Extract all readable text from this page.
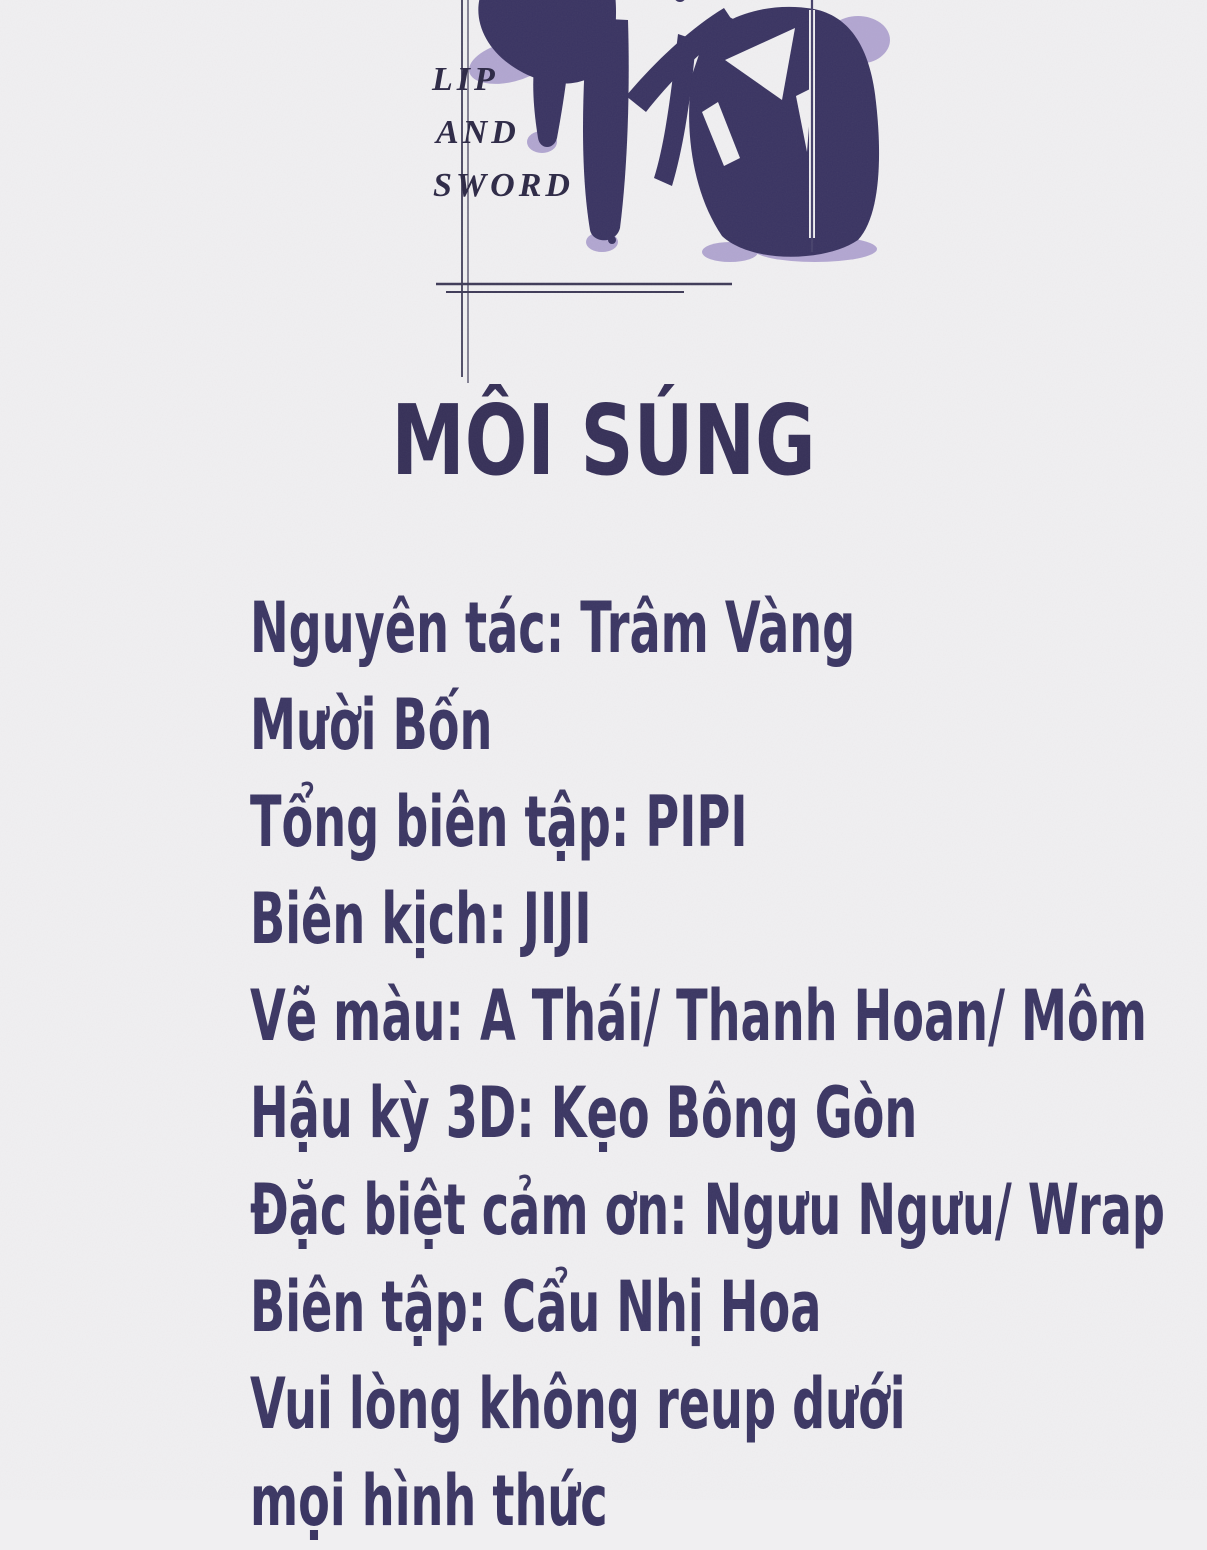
LIP
AND
SWORD
MÔI SÚNG
Nguyên tác: Trâm Vàng
Mười Bốn
Tổng biên tập: PIPI
Biên kịch: JIJI
Vẽ màu: A Thái/ Thanh Hoan/ Môm
Hậu kỳ 3D: Kẹo Bông Gòn
Đặc biệt cảm ơn: Ngưu Ngưu/ Wrap
Biên tập: Cẩu Nhị Hoa
Vui lòng không reup dưới
mọi hình thức
